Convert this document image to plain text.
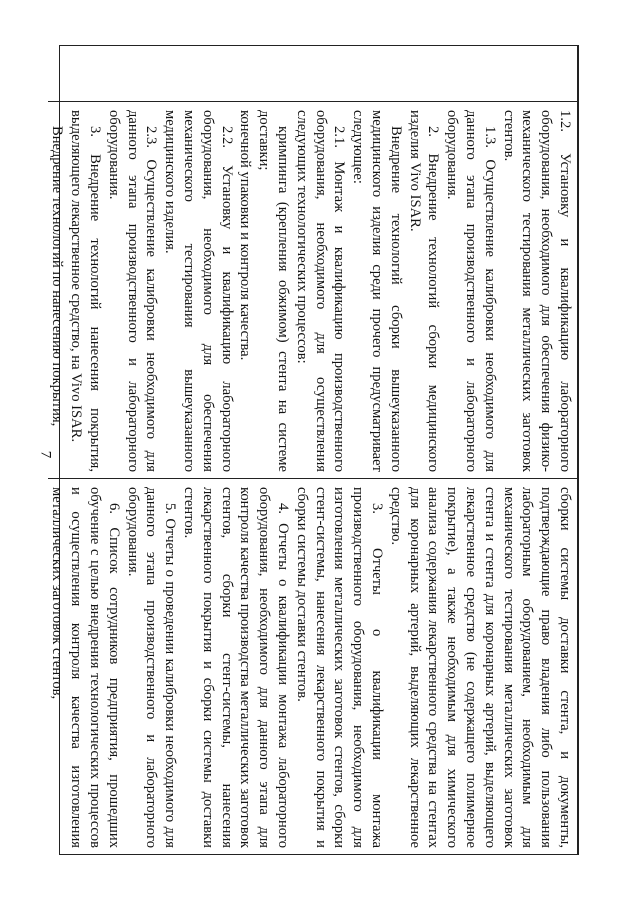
7	1.2. Установку и квалификацию лабораторного оборудования, необходимого для обеспечения физико-механического тестирования металлических заготовок стентов.

1.3. Осуществление калибровки необходимого для данного этапа производственного и лабораторного оборудования.

2. Внедрение технологий сборки медицинского изделия Vivo ISAR.

Внедрение технологий сборки вышеуказанного медицинского изделия среди прочего предусматривает следующее:

2.1. Монтаж и квалификацию производственного оборудования, необходимого для осуществления следующих технологических процессов:

кримпинга (крепления обжимом) стента на системе доставки;

конечной упаковки и контроля качества.

2.2. Установку и квалификацию лабораторного оборудования, необходимого для обеспечения механического тестирования вышеуказанного медицинского изделия.

2.3. Осуществление калибровки необходимого для данного этапа производственного и лабораторного оборудования.

3. Внедрение технологий нанесения покрытия, выделяющего лекарственное средство, на Vivo ISAR.

Внедрение технологий по нанесению покрытия,

сборки системы доставки стента, и документы, подтверждающие право владения либо пользования лабораторным оборудованием, необходимым для механического тестирования металлических заготовок стента и стента для коронарных артерий, выделяющего лекарственное средство (не содержащего полимерное покрытие), а также необходимым для химического анализа содержания лекарственного средства на стентах для коронарных артерий, выделяющих лекарственное средство.

3. Отчеты о квалификации монтажа производственного оборудования, необходимого для изготовления металлических заготовок стентов, сборки стент-системы, нанесения лекарственного покрытия и сборки системы доставки стентов.

4. Отчеты о квалификации монтажа лабораторного оборудования, необходимого для данного этапа для контроля качества производства металлических заготовок стентов, сборки стент-системы, нанесения лекарственного покрытия и сборки системы доставки стентов.

5. Отчеты о проведении калибровки необходимого для данного этапа производственного и лабораторного оборудования.

6. Список сотрудников предприятия, прошедших обучение с целью внедрения технологических процессов и осуществления контроля качества изготовления металлических заготовок стентов,
